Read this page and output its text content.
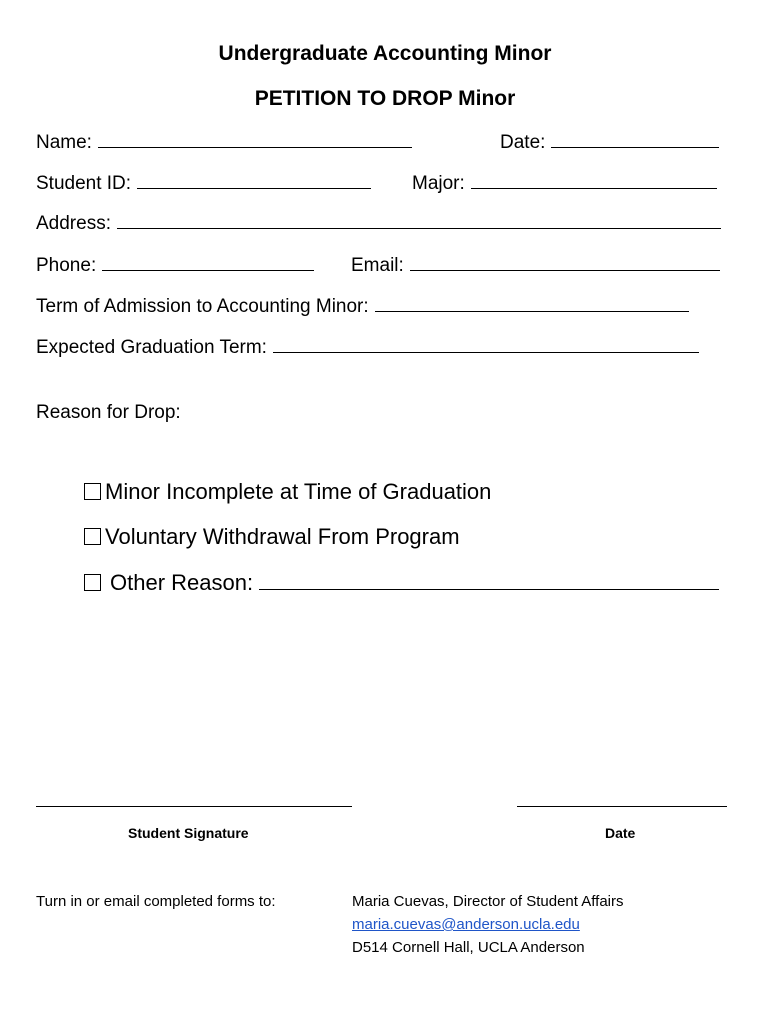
Undergraduate Accounting Minor
PETITION TO DROP Minor
Name:	Date:
Student ID:	Major:
Address:
Phone:	Email:
Term of Admission to Accounting Minor:
Expected Graduation Term:
Reason for Drop:
Minor Incomplete at Time of Graduation
Voluntary Withdrawal From Program
Other Reason:
Student Signature	Date
Turn in or email completed forms to:	Maria Cuevas, Director of Student Affairs
maria.cuevas@anderson.ucla.edu
D514 Cornell Hall, UCLA Anderson
